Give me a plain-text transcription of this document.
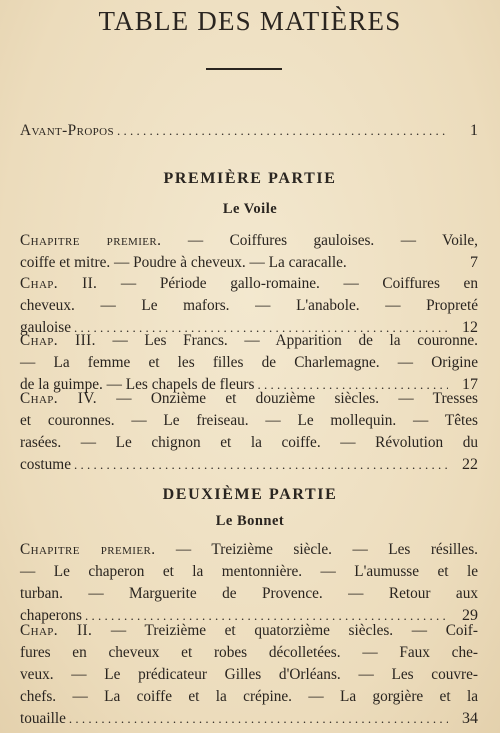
TABLE DES MATIÈRES
Avant-Propos . . .	1
PREMIÈRE PARTIE
Le Voile
Chapitre premier. — Coiffures gauloises. — Voile,
coiffe et mitre. — Poudre à cheveux. — La caracalle.	7
Chap. II. — Période gallo-romaine. — Coiffures en
cheveux. — Le mafors. — L'anabole. — Propreté
gauloise . . .	12
Chap. III. — Les Francs. — Apparition de la couronne.
— La femme et les filles de Charlemagne. — Origine
de la guimpe. — Les chapels de fleurs . . .	17
Chap. IV. — Onzième et douzième siècles. — Tresses
et couronnes. — Le freiseau. — Le mollequin. — Têtes
rasées. — Le chignon et la coiffe. — Révolution du
costume . . .	22
DEUXIÈME PARTIE
Le Bonnet
Chapitre premier. — Treizième siècle. — Les résilles.
— Le chaperon et la mentonnière. — L'aumusse et le
turban. — Marguerite de Provence. — Retour aux
chaperons . . .	29
Chap. II. — Treizième et quatorzième siècles. — Coif-
fures en cheveux et robes décolletées. — Faux che-
veux. — Le prédicateur Gilles d'Orléans. — Les couvre-
chefs. — La coiffe et la crépine. — La gorgière et la
touaille . . .	34
